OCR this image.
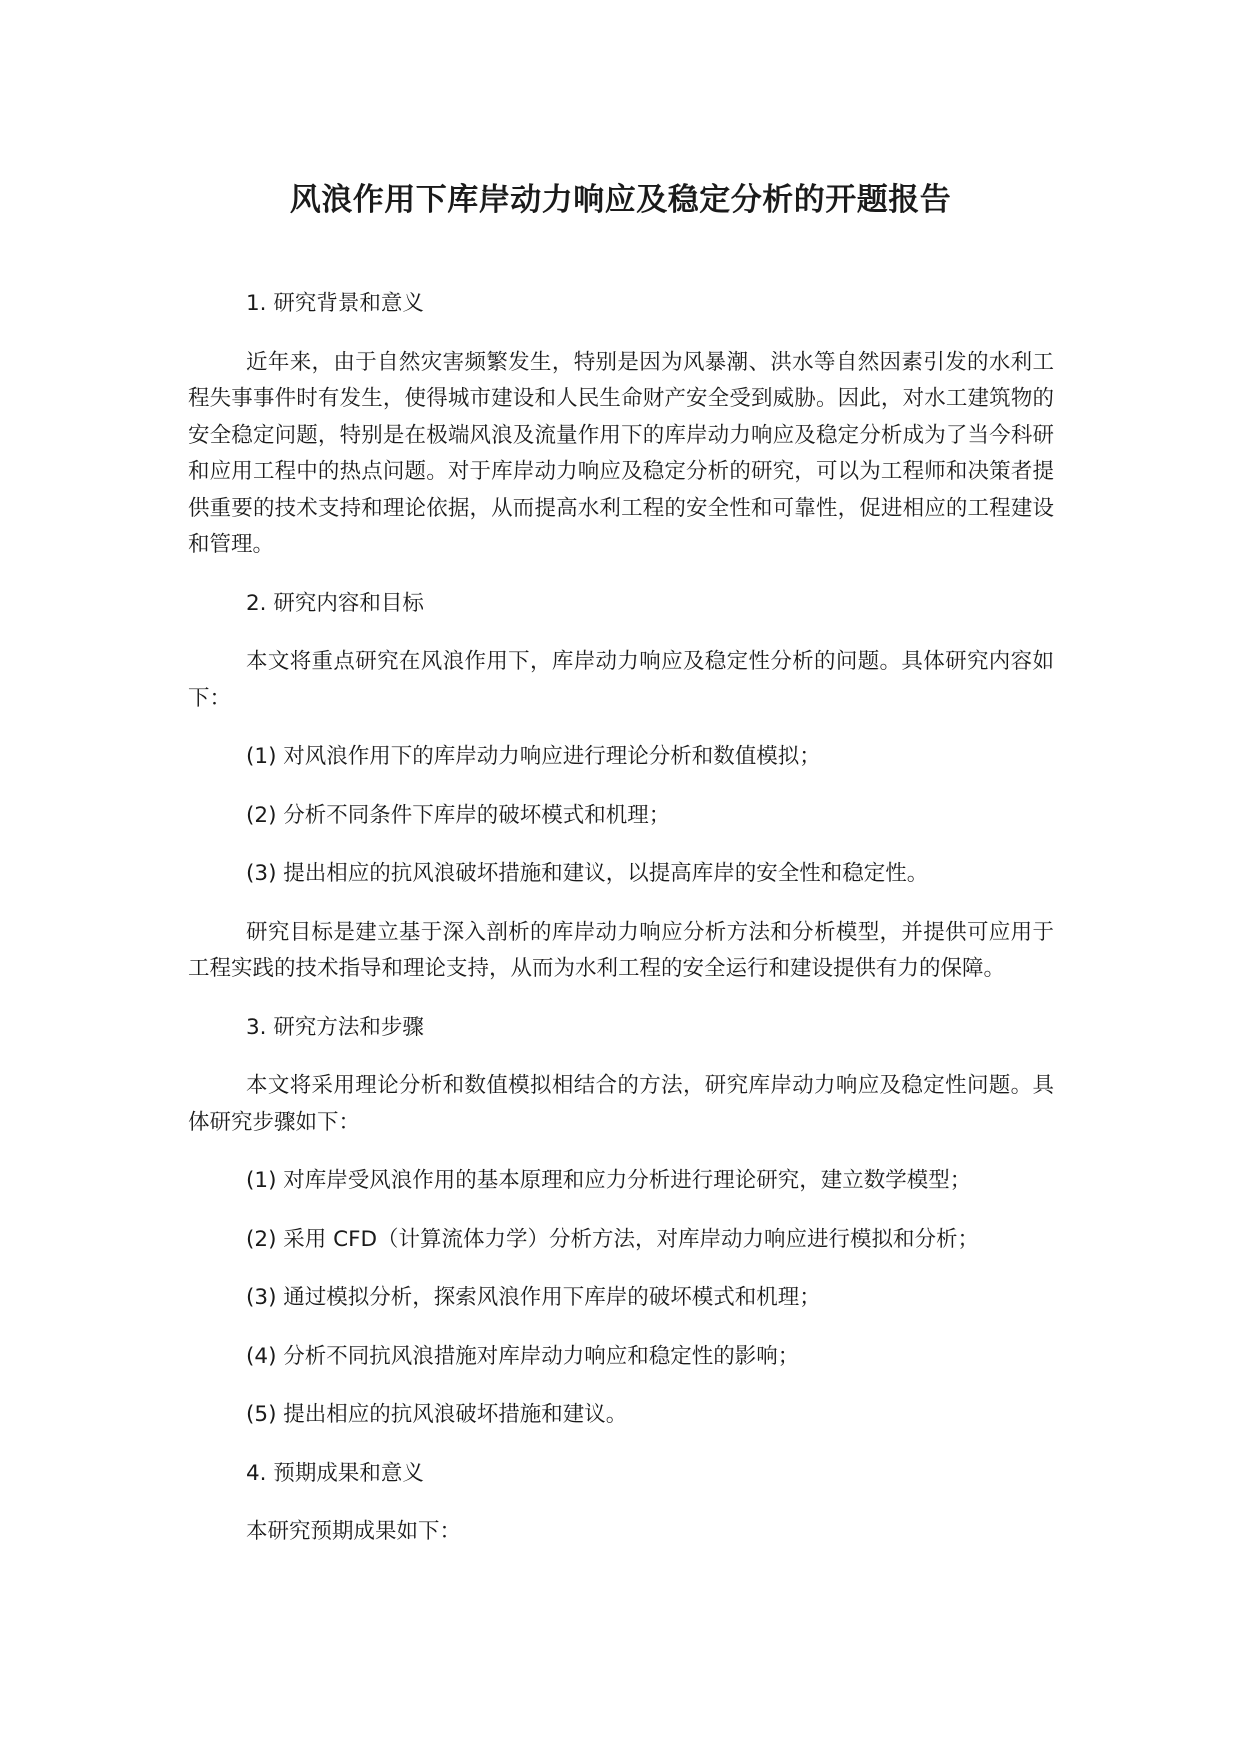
风浪作用下库岸动力响应及稳定分析的开题报告

1. 研究背景和意义

近年来，由于自然灾害频繁发生，特别是因为风暴潮、洪水等自然因素引发的水利工程失事事件时有发生，使得城市建设和人民生命财产安全受到威胁。因此，对水工建筑物的安全稳定问题，特别是在极端风浪及流量作用下的库岸动力响应及稳定分析成为了当今科研和应用工程中的热点问题。对于库岸动力响应及稳定分析的研究，可以为工程师和决策者提供重要的技术支持和理论依据，从而提高水利工程的安全性和可靠性，促进相应的工程建设和管理。

2. 研究内容和目标

本文将重点研究在风浪作用下，库岸动力响应及稳定性分析的问题。具体研究内容如下：

(1) 对风浪作用下的库岸动力响应进行理论分析和数值模拟；

(2) 分析不同条件下库岸的破坏模式和机理；

(3) 提出相应的抗风浪破坏措施和建议，以提高库岸的安全性和稳定性。

研究目标是建立基于深入剖析的库岸动力响应分析方法和分析模型，并提供可应用于工程实践的技术指导和理论支持，从而为水利工程的安全运行和建设提供有力的保障。

3. 研究方法和步骤

本文将采用理论分析和数值模拟相结合的方法，研究库岸动力响应及稳定性问题。具体研究步骤如下：

(1) 对库岸受风浪作用的基本原理和应力分析进行理论研究，建立数学模型；

(2) 采用 CFD（计算流体力学）分析方法，对库岸动力响应进行模拟和分析；

(3) 通过模拟分析，探索风浪作用下库岸的破坏模式和机理；

(4) 分析不同抗风浪措施对库岸动力响应和稳定性的影响；

(5) 提出相应的抗风浪破坏措施和建议。

4. 预期成果和意义

本研究预期成果如下：
